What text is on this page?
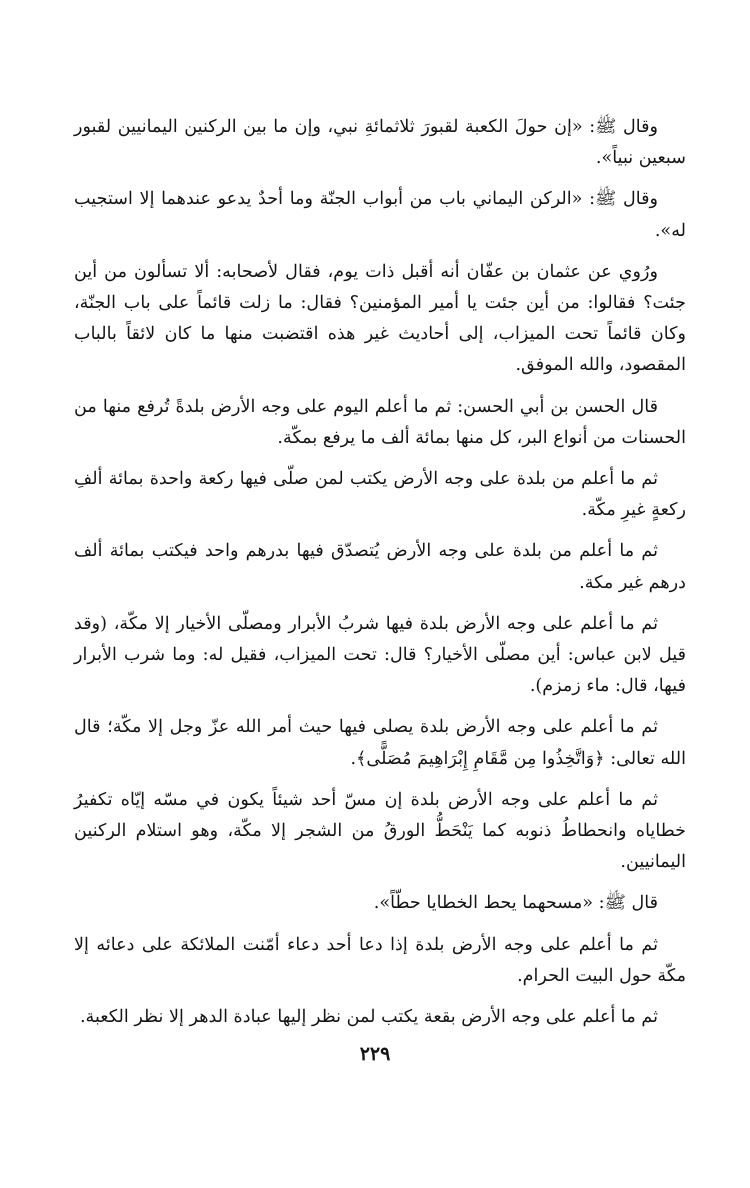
وقال ﷺ: «إن حولَ الكعبة لقبورَ ثلاثمائةِ نبي، وإن ما بين الركنين اليمانيين لقبور سبعين نبياً».

وقال ﷺ: «الركن اليماني باب من أبواب الجنّة وما أحدٌ يدعو عندهما إلا استجيب له».

ورُوي عن عثمان بن عفّان أنه أقبل ذات يوم، فقال لأصحابه: ألا تسألون من أين جئت؟ فقالوا: من أين جئت يا أمير المؤمنين؟ فقال: ما زلت قائماً على باب الجنّة، وكان قائماً تحت الميزاب، إلى أحاديث غير هذه اقتضبت منها ما كان لائقاً بالباب المقصود، والله الموفق.

قال الحسن بن أبي الحسن: ثم ما أعلم اليوم على وجه الأرض بلدةً تُرفع منها من الحسنات من أنواع البر، كل منها بمائة ألف ما يرفع بمكّة.

ثم ما أعلم من بلدة على وجه الأرض يكتب لمن صلّى فيها ركعة واحدة بمائة ألفِ ركعةٍ غيرِ مكّة.

ثم ما أعلم من بلدة على وجه الأرض يُتصدّق فيها بدرهم واحد فيكتب بمائة ألف درهم غير مكة.

ثم ما أعلم على وجه الأرض بلدة فيها شربُ الأبرار ومصلّى الأخيار إلا مكّة، (وقد قيل لابن عباس: أين مصلّى الأخيار؟ قال: تحت الميزاب، فقيل له: وما شرب الأبرار فيها، قال: ماء زمزم).

ثم ما أعلم على وجه الأرض بلدة يصلى فيها حيث أمر الله عزّ وجل إلا مكّة؛ قال الله تعالى: ﴿وَاتَّخِذُوا مِن مَّقَامِ إِبْرَاهِيمَ مُصَلًّى﴾.

ثم ما أعلم على وجه الأرض بلدة إن مسّ أحد شيئاً يكون في مسّه إيّاه تكفيرُ خطاياه وانحطاطُ ذنوبه كما يَنْحَطُّ الورقُ من الشجر إلا مكّة، وهو استلام الركنين اليمانيين.

قال ﷺ: «مسحهما يحط الخطايا حطّاً».

ثم ما أعلم على وجه الأرض بلدة إذا دعا أحد دعاء أمّنت الملائكة على دعائه إلا مكّة حول البيت الحرام.

ثم ما أعلم على وجه الأرض بقعة يكتب لمن نظر إليها عبادة الدهر إلا نظر الكعبة.

٢٢٩
